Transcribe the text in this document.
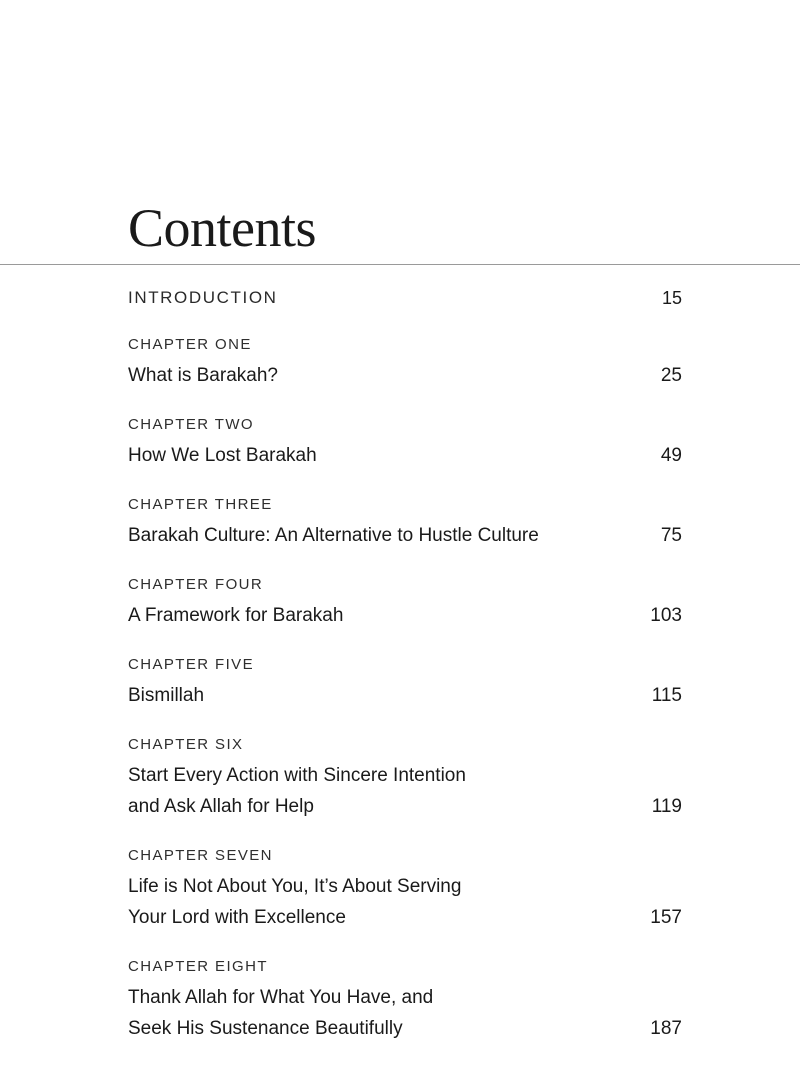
Contents
INTRODUCTION	15
CHAPTER ONE
What is Barakah?	25
CHAPTER TWO
How We Lost Barakah	49
CHAPTER THREE
Barakah Culture: An Alternative to Hustle Culture	75
CHAPTER FOUR
A Framework for Barakah	103
CHAPTER FIVE
Bismillah	115
CHAPTER SIX
Start Every Action with Sincere Intention
and Ask Allah for Help	119
CHAPTER SEVEN
Life is Not About You, It’s About Serving
Your Lord with Excellence	157
CHAPTER EIGHT
Thank Allah for What You Have, and
Seek His Sustenance Beautifully	187
